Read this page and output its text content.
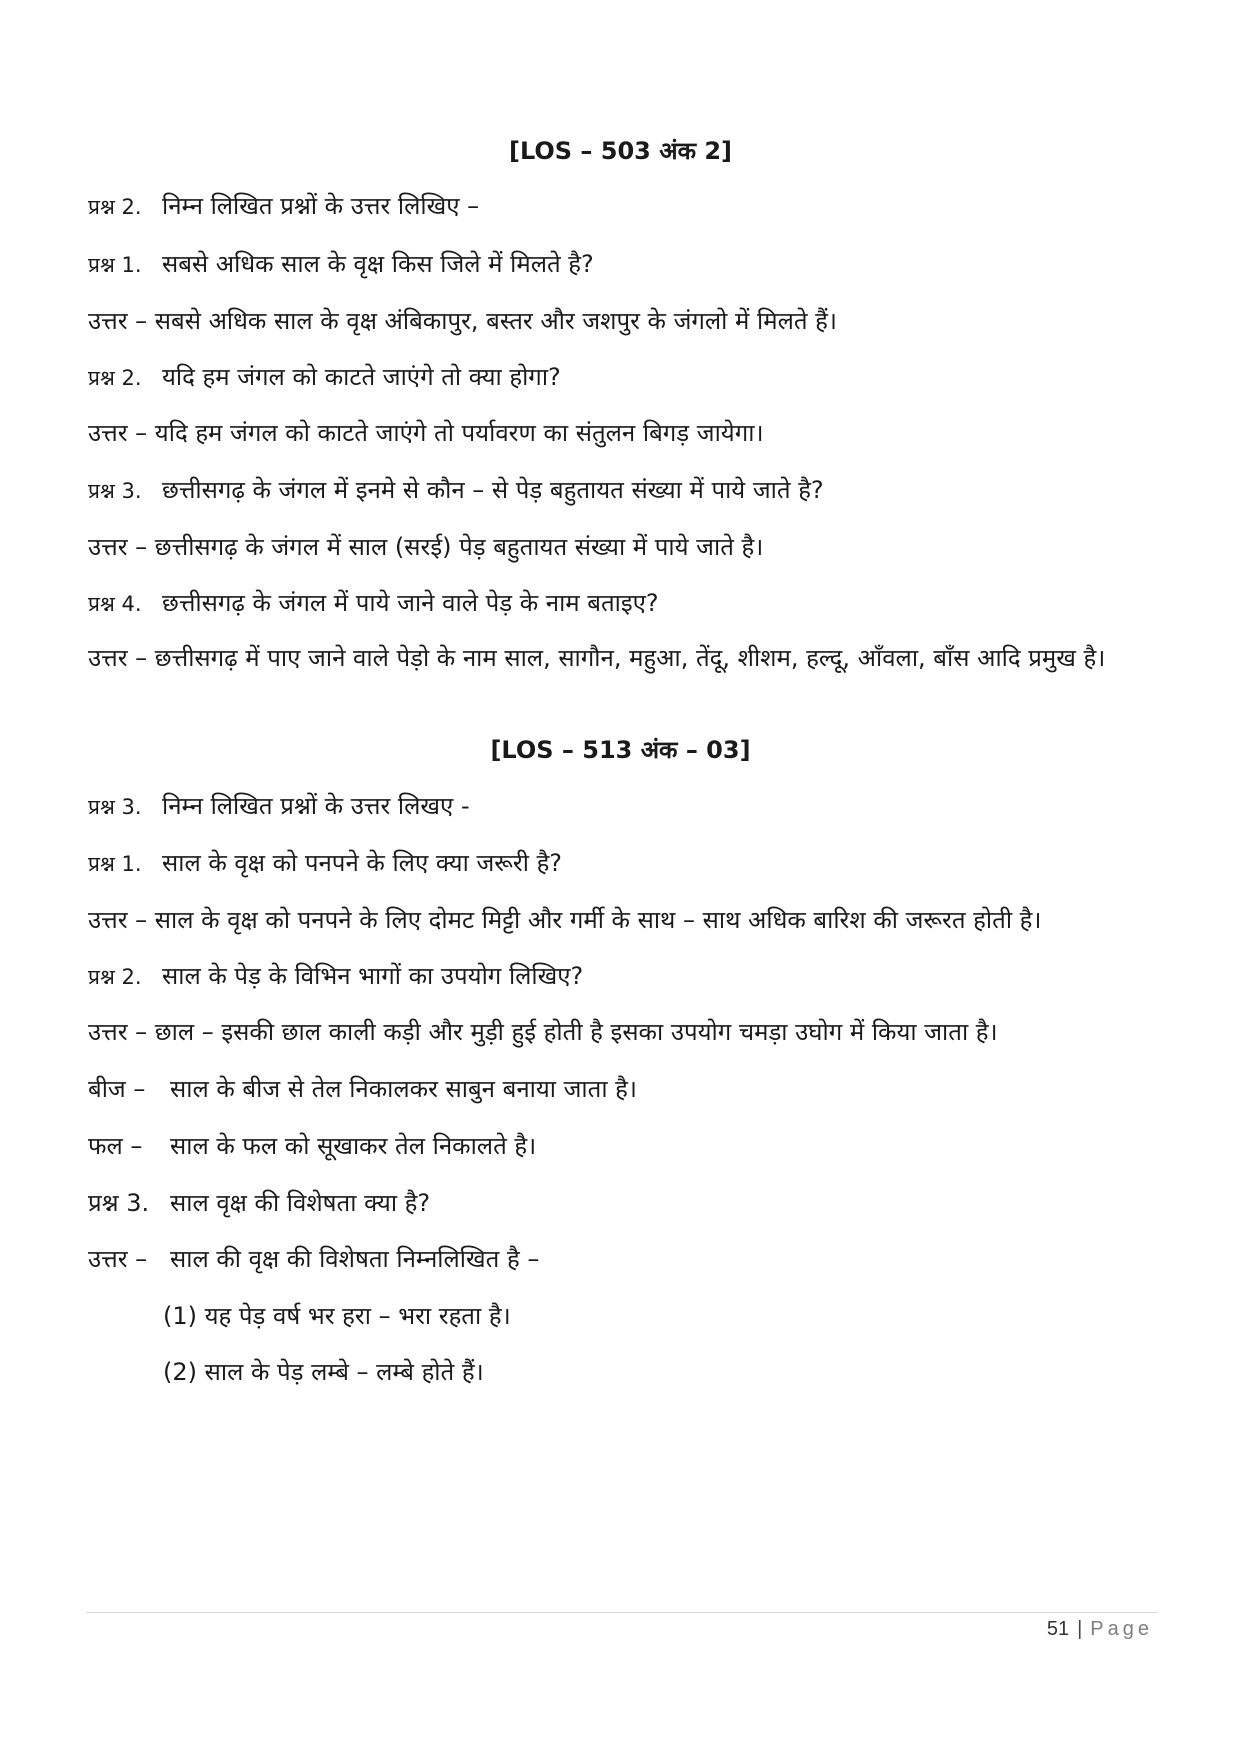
[LOS – 503 अंक 2]
प्रश्न 2. निम्न लिखित प्रश्नों के उत्तर लिखिए –
प्रश्न 1. सबसे अधिक साल के वृक्ष किस जिले में मिलते है?
उत्तर – सबसे अधिक साल के वृक्ष अंबिकापुर, बस्तर और जशपुर के जंगलो में मिलते हैं।
प्रश्न 2. यदि हम जंगल को काटते जाएंगे तो क्या होगा?
उत्तर – यदि हम जंगल को काटते जाएंगे तो पर्यावरण का संतुलन बिगड़ जायेगा।
प्रश्न 3. छत्तीसगढ़ के जंगल में इनमे से कौन – से पेड़ बहुतायत संख्या में पाये जाते है?
उत्तर – छत्तीसगढ़ के जंगल में साल (सरई) पेड़ बहुतायत संख्या में पाये जाते है।
प्रश्न 4. छत्तीसगढ़ के जंगल में पाये जाने वाले पेड़ के नाम बताइए?
उत्तर – छत्तीसगढ़ में पाए जाने वाले पेड़ो के नाम साल, सागौन, महुआ, तेंदू, शीशम, हल्दू, आँवला, बाँस आदि प्रमुख है।
[LOS – 513 अंक – 03]
प्रश्न 3. निम्न लिखित प्रश्नों के उत्तर लिखए -
प्रश्न 1. साल के वृक्ष को पनपने के लिए क्या जरूरी है?
उत्तर – साल के वृक्ष को पनपने के लिए दोमट मिट्टी और गर्मी के साथ – साथ अधिक बारिश की जरूरत होती है।
प्रश्न 2. साल के पेड़ के विभिन भागों का उपयोग लिखिए?
उत्तर – छाल – इसकी छाल काली कड़ी और मुड़ी हुई होती है इसका उपयोग चमड़ा उघोग में किया जाता है।
बीज – साल के बीज से तेल निकालकर साबुन बनाया जाता है।
फल – साल के फल को सूखाकर तेल निकालते है।
प्रश्न 3. साल वृक्ष की विशेषता क्या है?
उत्तर – साल की वृक्ष की विशेषता निम्नलिखित है –
(1) यह पेड़ वर्ष भर हरा – भरा रहता है।
(2) साल के पेड़ लम्बे – लम्बे होते हैं।
51 | Page
